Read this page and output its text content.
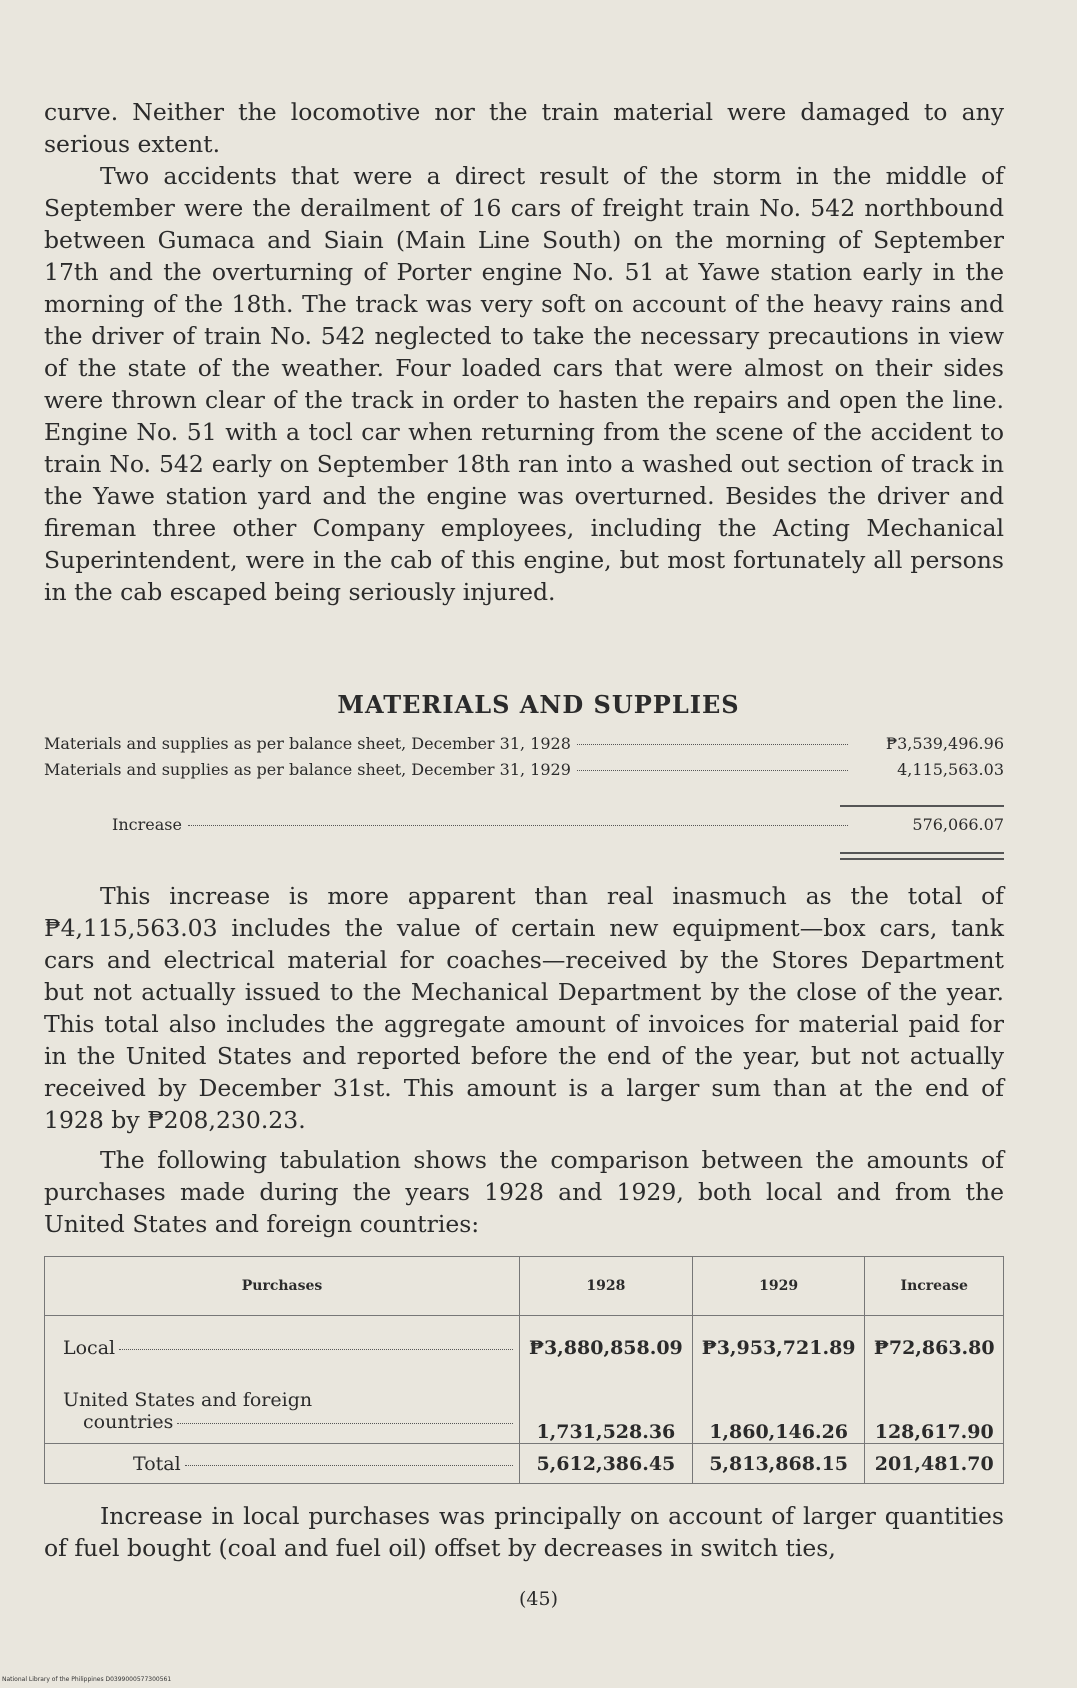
curve. Neither the locomotive nor the train material were damaged to any serious extent.

Two accidents that were a direct result of the storm in the middle of September were the derailment of 16 cars of freight train No. 542 northbound between Gumaca and Siain (Main Line South) on the morning of September 17th and the overturning of Porter engine No. 51 at Yawe station early in the morning of the 18th. The track was very soft on account of the heavy rains and the driver of train No. 542 neglected to take the necessary precautions in view of the state of the weather. Four loaded cars that were almost on their sides were thrown clear of the track in order to hasten the repairs and open the line. Engine No. 51 with a tocl car when returning from the scene of the accident to train No. 542 early on September 18th ran into a washed out section of track in the Yawe station yard and the engine was overturned. Besides the driver and fireman three other Company employees, including the Acting Mechanical Superintendent, were in the cab of this engine, but most fortunately all persons in the cab escaped being seriously injured.

MATERIALS AND SUPPLIES
Materials and supplies as per balance sheet, December 31, 1928	₱3,539,496.96
Materials and supplies as per balance sheet, December 31, 1929	4,115,563.03
Increase	576,066.07

This increase is more apparent than real inasmuch as the total of ₱4,115,563.03 includes the value of certain new equipment—box cars, tank cars and electrical material for coaches—received by the Stores Department but not actually issued to the Mechanical Department by the close of the year. This total also includes the aggregate amount of invoices for material paid for in the United States and reported before the end of the year, but not actually received by December 31st. This amount is a larger sum than at the end of 1928 by ₱208,230.23.

The following tabulation shows the comparison between the amounts of purchases made during the years 1928 and 1929, both local and from the United States and foreign countries:

Purchases	1928	1929	Increase

Local	₱3,880,858.09	₱3,953,721.89	₱72,863.80

United States and foreign
countries	1,731,528.36	1,860,146.26	128,617.90

Total	5,612,386.45	5,813,868.15	201,481.70

Increase in local purchases was principally on account of larger quantities of fuel bought (coal and fuel oil) offset by decreases in switch ties,

(45)
National Library of the Philippines D0399000577300561
